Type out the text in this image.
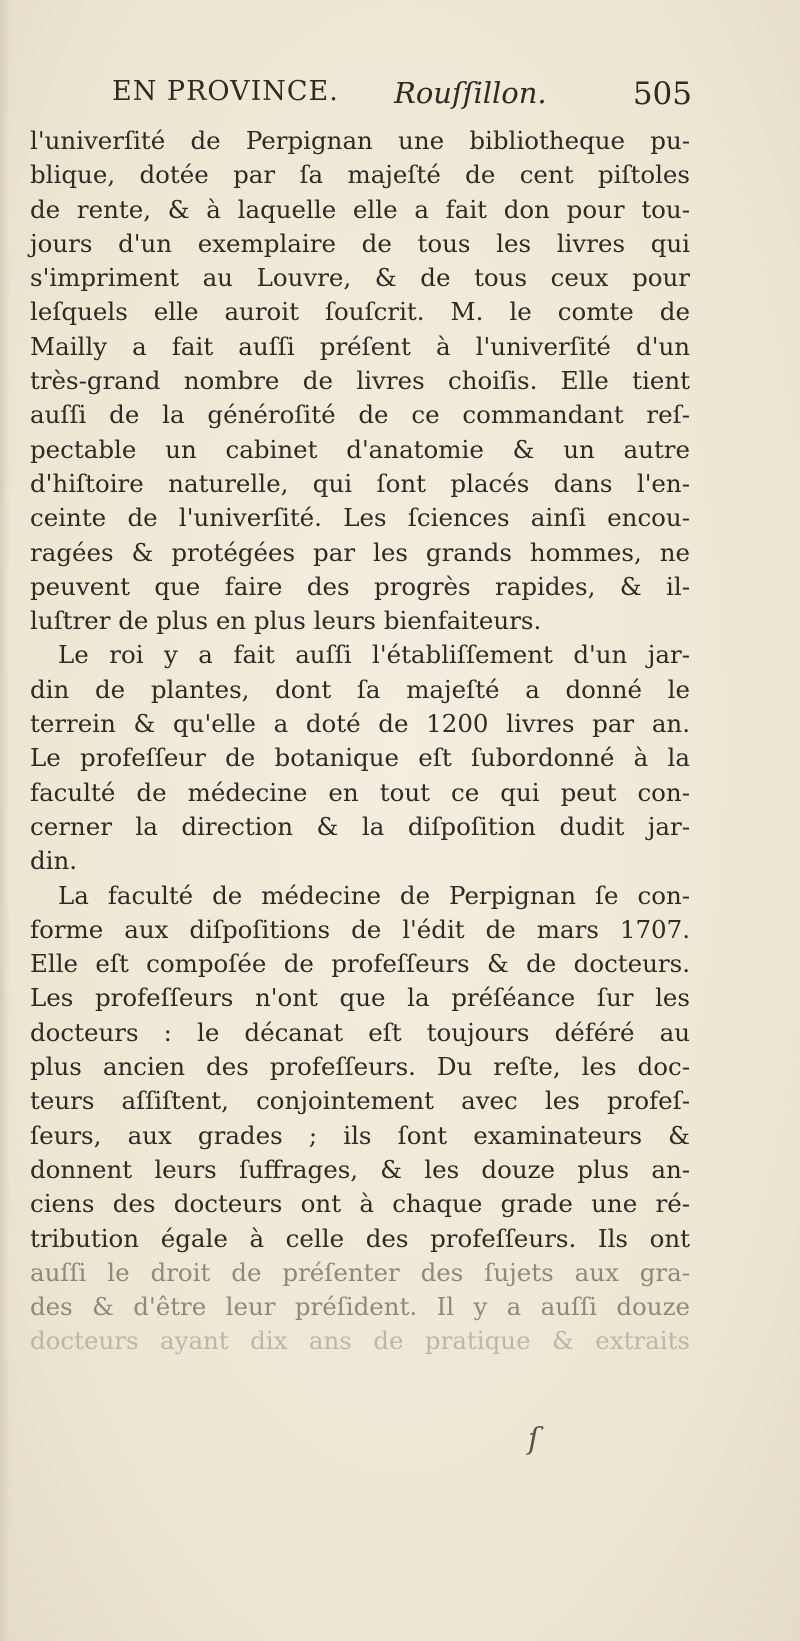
EN PROVINCE. Rouſſillon.	505
l'univerſité de Perpignan une bibliotheque pu-
blique, dotée par ſa majeſté de cent piſtoles
de rente, & à laquelle elle a fait don pour tou-
jours d'un exemplaire de tous les livres qui
s'impriment au Louvre, & de tous ceux pour
leſquels elle auroit ſouſcrit. M. le comte de
Mailly a fait auſſi préſent à l'univerſité d'un
très-grand nombre de livres choiſis. Elle tient
auſſi de la généroſité de ce commandant reſ-
pectable un cabinet d'anatomie & un autre
d'hiſtoire naturelle, qui ſont placés dans l'en-
ceinte de l'univerſité. Les ſciences ainſi encou-
ragées & protégées par les grands hommes, ne
peuvent que faire des progrès rapides, & il-
luſtrer de plus en plus leurs bienfaiteurs.
Le roi y a fait auſſi l'établiſſement d'un jar-
din de plantes, dont ſa majeſté a donné le
terrein & qu'elle a doté de 1200 livres par an.
Le profeſſeur de botanique eſt ſubordonné à la
faculté de médecine en tout ce qui peut con-
cerner la direction & la diſpoſition dudit jar-
din.
La faculté de médecine de Perpignan ſe con-
forme aux diſpoſitions de l'édit de mars 1707.
Elle eſt compoſée de profeſſeurs & de docteurs.
Les profeſſeurs n'ont que la préſéance ſur les
docteurs : le décanat eſt toujours déféré au
plus ancien des profeſſeurs. Du reſte, les doc-
teurs aſſiſtent, conjointement avec les profeſ-
ſeurs, aux grades ; ils ſont examinateurs &
donnent leurs ſuffrages, & les douze plus an-
ciens des docteurs ont à chaque grade une ré-
tribution égale à celle des profeſſeurs. Ils ont
auſſi le droit de préſenter des ſujets aux gra-
des & d'être leur préſident. Il y a auſſi douze
docteurs ayant dix ans de pratique & extraits
ſ
